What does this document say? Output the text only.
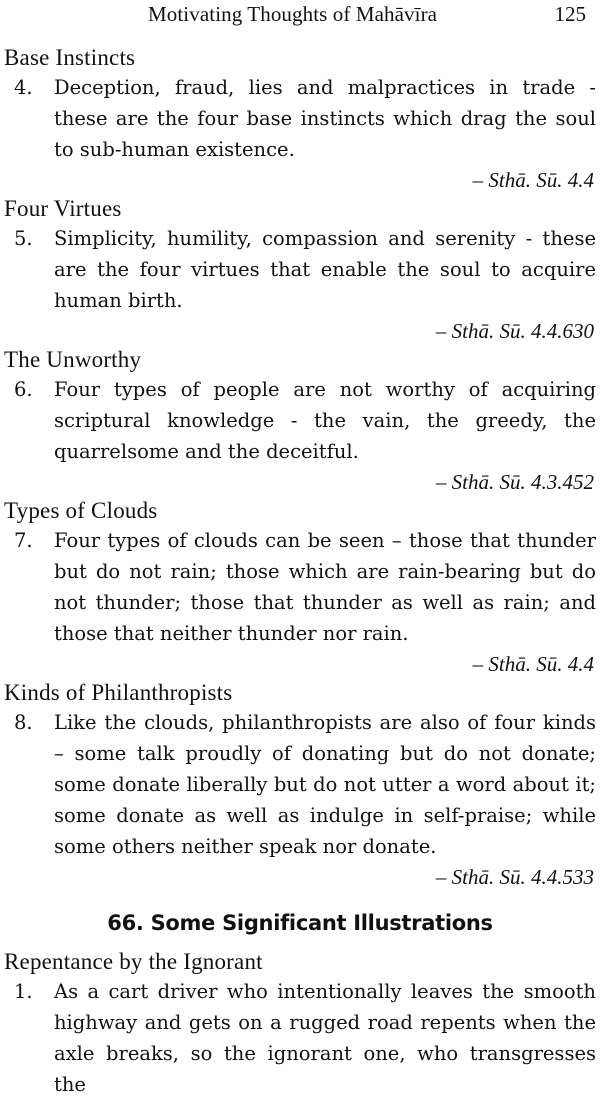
Motivating Thoughts of Mahāvīra	125
Base Instincts
4.	Deception, fraud, lies and malpractices in trade - these are the four base instincts which drag the soul to sub-human existence.

– Sthā. Sū. 4.4

Four Virtues
5.	Simplicity, humility, compassion and serenity - these are the four virtues that enable the soul to acquire human birth.

– Sthā. Sū. 4.4.630

The Unworthy
6.	Four types of people are not worthy of acquiring scriptural knowledge - the vain, the greedy, the quarrelsome and the deceitful.

– Sthā. Sū. 4.3.452

Types of Clouds
7.	Four types of clouds can be seen – those that thunder but do not rain; those which are rain-bearing but do not thunder; those that thunder as well as rain; and those that neither thunder nor rain.

– Sthā. Sū. 4.4

Kinds of Philanthropists
8.	Like the clouds, philanthropists are also of four kinds – some talk proudly of donating but do not donate; some donate liberally but do not utter a word about it; some donate as well as indulge in self-praise; while some others neither speak nor donate.

– Sthā. Sū. 4.4.533

66. Some Significant Illustrations
Repentance by the Ignorant
1.	As a cart driver who intentionally leaves the smooth highway and gets on a rugged road repents when the axle breaks, so the ignorant one, who transgresses the
